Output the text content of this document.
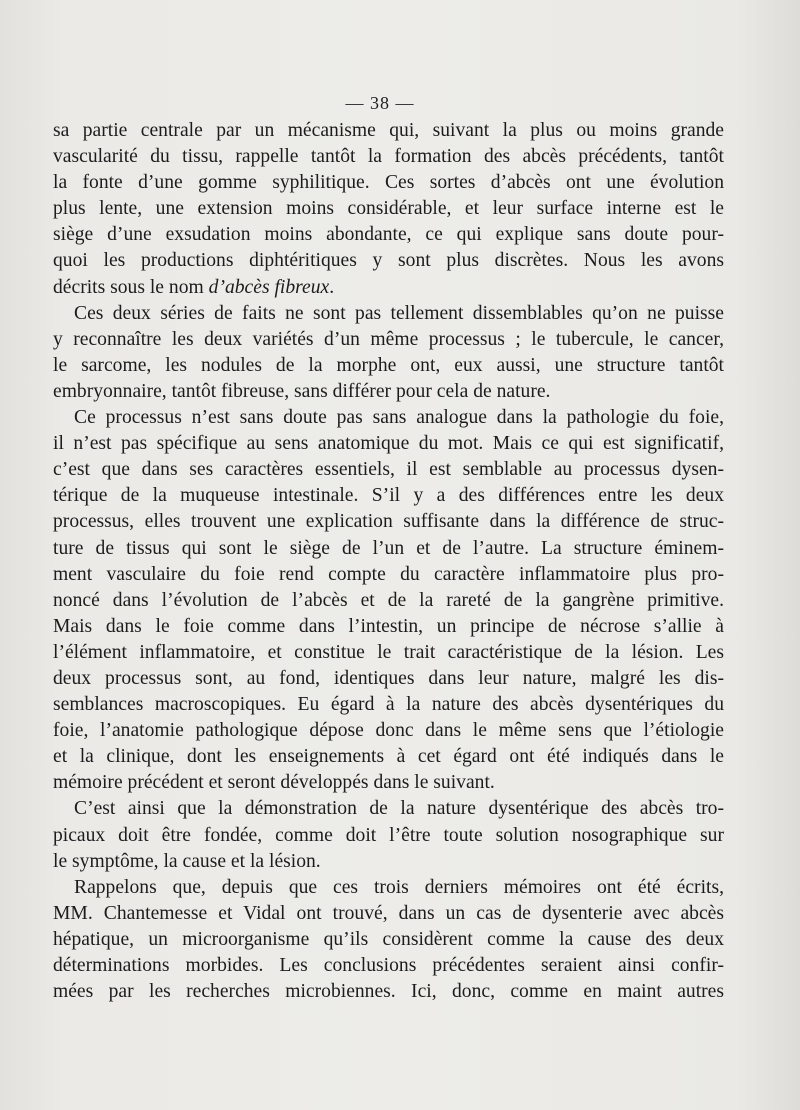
— 38 —
sa partie centrale par un mécanisme qui, suivant la plus ou moins grande
vascularité du tissu, rappelle tantôt la formation des abcès précédents, tantôt
la fonte d’une gomme syphilitique. Ces sortes d’abcès ont une évolution
plus lente, une extension moins considérable, et leur surface interne est le
siège d’une exsudation moins abondante, ce qui explique sans doute pour-
quoi les productions diphtéritiques y sont plus discrètes. Nous les avons
décrits sous le nom d’abcès fibreux.
Ces deux séries de faits ne sont pas tellement dissemblables qu’on ne puisse
y reconnaître les deux variétés d’un même processus ; le tubercule, le cancer,
le sarcome, les nodules de la morphe ont, eux aussi, une structure tantôt
embryonnaire, tantôt fibreuse, sans différer pour cela de nature.
Ce processus n’est sans doute pas sans analogue dans la pathologie du foie,
il n’est pas spécifique au sens anatomique du mot. Mais ce qui est significatif,
c’est que dans ses caractères essentiels, il est semblable au processus dysen-
térique de la muqueuse intestinale. S’il y a des différences entre les deux
processus, elles trouvent une explication suffisante dans la différence de struc-
ture de tissus qui sont le siège de l’un et de l’autre. La structure éminem-
ment vasculaire du foie rend compte du caractère inflammatoire plus pro-
noncé dans l’évolution de l’abcès et de la rareté de la gangrène primitive.
Mais dans le foie comme dans l’intestin, un principe de nécrose s’allie à
l’élément inflammatoire, et constitue le trait caractéristique de la lésion. Les
deux processus sont, au fond, identiques dans leur nature, malgré les dis-
semblances macroscopiques. Eu égard à la nature des abcès dysentériques du
foie, l’anatomie pathologique dépose donc dans le même sens que l’étiologie
et la clinique, dont les enseignements à cet égard ont été indiqués dans le
mémoire précédent et seront développés dans le suivant.
C’est ainsi que la démonstration de la nature dysentérique des abcès tro-
picaux doit être fondée, comme doit l’être toute solution nosographique sur
le symptôme, la cause et la lésion.
Rappelons que, depuis que ces trois derniers mémoires ont été écrits,
MM. Chantemesse et Vidal ont trouvé, dans un cas de dysenterie avec abcès
hépatique, un microorganisme qu’ils considèrent comme la cause des deux
déterminations morbides. Les conclusions précédentes seraient ainsi confir-
mées par les recherches microbiennes. Ici, donc, comme en maint autres
